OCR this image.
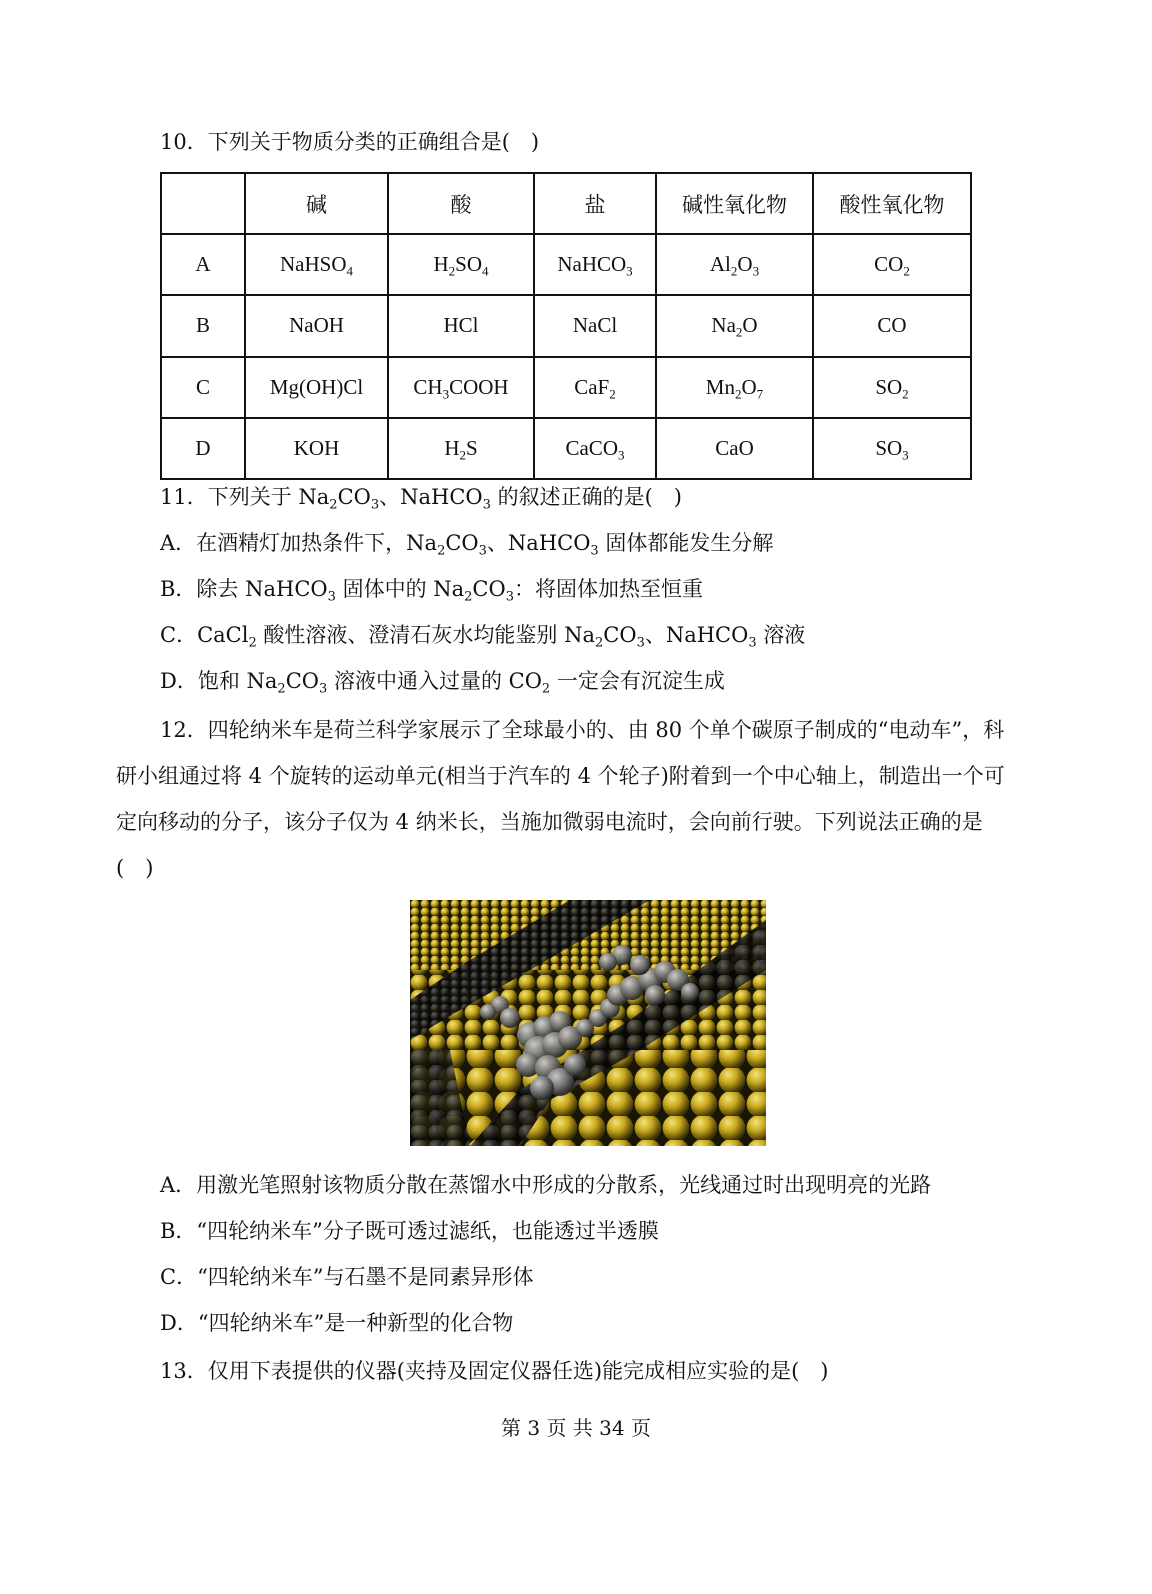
10．下列关于物质分类的正确组合是(　)
	碱	酸	盐	碱性氧化物	酸性氧化物
A	NaHSO$_4$	$H_2SO_4$	NaHCO$_3$	$Al_2O_3$	$CO_2$
B	NaOH	HCl	NaCl	$Na_2O$	CO
C	Mg(OH)Cl	$CH_3COOH$	CaF$_2$	$Mn_2O_7$	$SO_2$
D	KOH	$H_2S$	CaCO$_3$	CaO	$SO_3$
11．下列关于 $Na_2CO_3$、NaHCO$_3$ 的叙述正确的是(　)
A．在酒精灯加热条件下，$Na_2CO_3$、NaHCO$_3$ 固体都能发生分解
B．除去 NaHCO$_3$ 固体中的 $Na_2CO_3$：将固体加热至恒重
C．CaCl$_2$ 酸性溶液、澄清石灰水均能鉴别 $Na_2CO_3$、NaHCO$_3$ 溶液
D．饱和 $Na_2CO_3$ 溶液中通入过量的 $CO_2$ 一定会有沉淀生成
12．四轮纳米车是荷兰科学家展示了全球最小的、由 80 个单个碳原子制成的“电动车”，科研小组通过将 4 个旋转的运动单元(相当于汽车的 4 个轮子)附着到一个中心轴上，制造出一个可定向移动的分子，该分子仅为 4 纳米长，当施加微弱电流时，会向前行驶。下列说法正确的是(　)
A．用激光笔照射该物质分散在蒸馏水中形成的分散系，光线通过时出现明亮的光路
B．“四轮纳米车”分子既可透过滤纸，也能透过半透膜
C．“四轮纳米车”与石墨不是同素异形体
D．“四轮纳米车”是一种新型的化合物
13．仅用下表提供的仪器(夹持及固定仪器任选)能完成相应实验的是(　)
第 3 页 共 34 页
